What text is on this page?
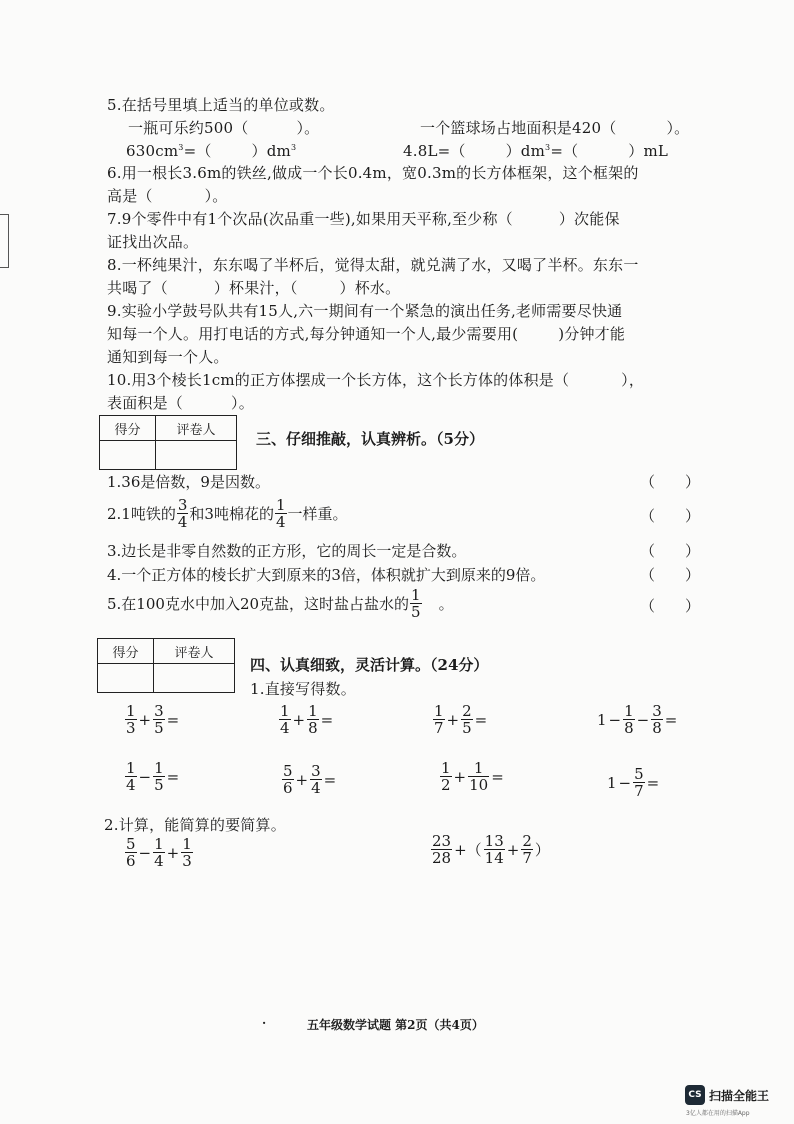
5.在括号里填上适当的单位或数。
一瓶可乐约500（	）。	一个篮球场占地面积是420（	）。
$630cm^3=$（	）$dm^3$	4.8L=（	）$dm^3=$（	）mL
6.用一根长3.6m的铁丝,做成一个长0.4m，宽0.3m的长方体框架，这个框架的
高是（	）。
7.9个零件中有1个次品(次品重一些),如果用天平称,至少称（	）次能保
证找出次品。
8.一杯纯果汁，东东喝了半杯后，觉得太甜，就兑满了水，又喝了半杯。东东一
共喝了（	）杯果汁，（	）杯水。
9.实验小学鼓号队共有15人,六一期间有一个紧急的演出任务,老师需要尽快通
知每一个人。用打电话的方式,每分钟通知一个人,最少需要用(	)分钟才能
通知到每一个人。
10.用3个棱长1cm的正方体摆成一个长方体，这个长方体的体积是（	），
表面积是（	）。
得分	评卷人
		三、仔细推敲，认真辨析。（5分）
1.36是倍数，9是因数。	（　　）
2.1吨铁的 $\frac{3}{4}$ 和3吨棉花的 $\frac{1}{4}$ 一样重。	（　　）
3.边长是非零自然数的正方形，它的周长一定是合数。	（　　）
4.一个正方体的棱长扩大到原来的3倍，体积就扩大到原来的9倍。	（　　）
5.在100克水中加入20克盐，这时盐占盐水的 $\frac{1}{5}$ 。	（　　）
得分	评卷人

四、认真细致，灵活计算。（24分）
1.直接写得数。
$\frac{1}{3} + \frac{3}{5}$ =	$\frac{1}{4} + \frac{1}{8}$ =	$\frac{1}{7} + \frac{2}{5}$ =	$1 - \frac{1}{8} - \frac{3}{8}$ =
$\frac{1}{4} - \frac{1}{5}$ =	$\frac{5}{6} + \frac{3}{4}$ =	$\frac{1}{2} + \frac{1}{10}$ =	$1 - \frac{5}{7}$ =
2.计算，能简算的要简算。
$\frac{5}{6} - \frac{1}{4} + \frac{1}{3}$	$\frac{23}{28}$ +（ $\frac{13}{14} + \frac{2}{7}$ ）
·	五年级数学试题 第2页（共4页）
CS 扫描全能王
3亿人都在用的扫描App
